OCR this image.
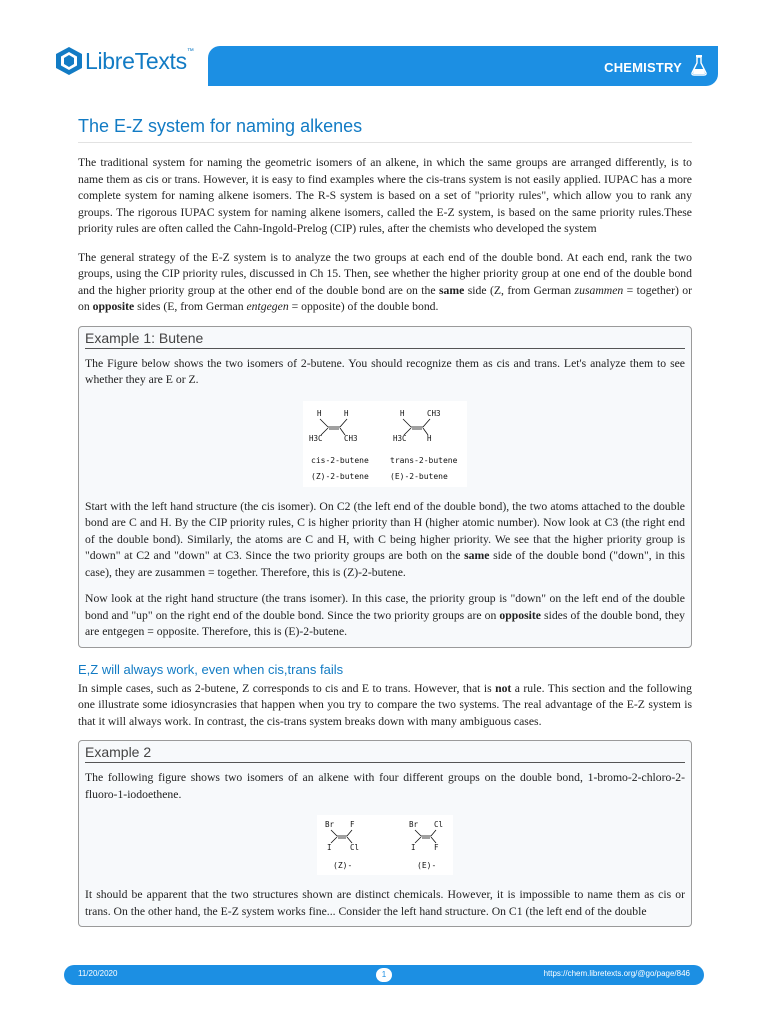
LibreTexts™
CHEMISTRY
The E-Z system for naming alkenes

The traditional system for naming the geometric isomers of an alkene, in which the same groups are arranged differently, is to name them as cis or trans. However, it is easy to find examples where the cis-trans system is not easily applied. IUPAC has a more complete system for naming alkene isomers. The R-S system is based on a set of "priority rules", which allow you to rank any groups. The rigorous IUPAC system for naming alkene isomers, called the E-Z system, is based on the same priority rules.These priority rules are often called the Cahn-Ingold-Prelog (CIP) rules, after the chemists who developed the system

The general strategy of the E-Z system is to analyze the two groups at each end of the double bond. At each end, rank the two groups, using the CIP priority rules, discussed in Ch 15. Then, see whether the higher priority group at one end of the double bond and the higher priority group at the other end of the double bond are on the same side (Z, from German zusammen = together) or on opposite sides (E, from German entgegen = opposite) of the double bond.

Example 1: Butene

The Figure below shows the two isomers of 2-butene. You should recognize them as cis and trans. Let's analyze them to see whether they are E or Z.

H	H
H3C	CH3
H	CH3
H3C	H
cis-2-butene
(Z)-2-butene
trans-2-butene
(E)-2-butene

Start with the left hand structure (the cis isomer). On C2 (the left end of the double bond), the two atoms attached to the double bond are C and H. By the CIP priority rules, C is higher priority than H (higher atomic number). Now look at C3 (the right end of the double bond). Similarly, the atoms are C and H, with C being higher priority. We see that the higher priority group is "down" at C2 and "down" at C3. Since the two priority groups are both on the same side of the double bond ("down", in this case), they are zusammen = together. Therefore, this is (Z)-2-butene.

Now look at the right hand structure (the trans isomer). In this case, the priority group is "down" on the left end of the double bond and "up" on the right end of the double bond. Since the two priority groups are on opposite sides of the double bond, they are entgegen = opposite. Therefore, this is (E)-2-butene.

E,Z will always work, even when cis,trans fails

In simple cases, such as 2-butene, Z corresponds to cis and E to trans. However, that is not a rule. This section and the following one illustrate some idiosyncrasies that happen when you try to compare the two systems. The real advantage of the E-Z system is that it will always work. In contrast, the cis-trans system breaks down with many ambiguous cases.

Example 2

The following figure shows two isomers of an alkene with four different groups on the double bond, 1-bromo-2-chloro-2-fluoro-1-iodoethene.

Br F
I Cl
Br Cl
I F
(Z)-	(E)-

It should be apparent that the two structures shown are distinct chemicals. However, it is impossible to name them as cis or trans. On the other hand, the E-Z system works fine... Consider the left hand structure. On C1 (the left end of the double

11/20/2020	1	https://chem.libretexts.org/@go/page/846
